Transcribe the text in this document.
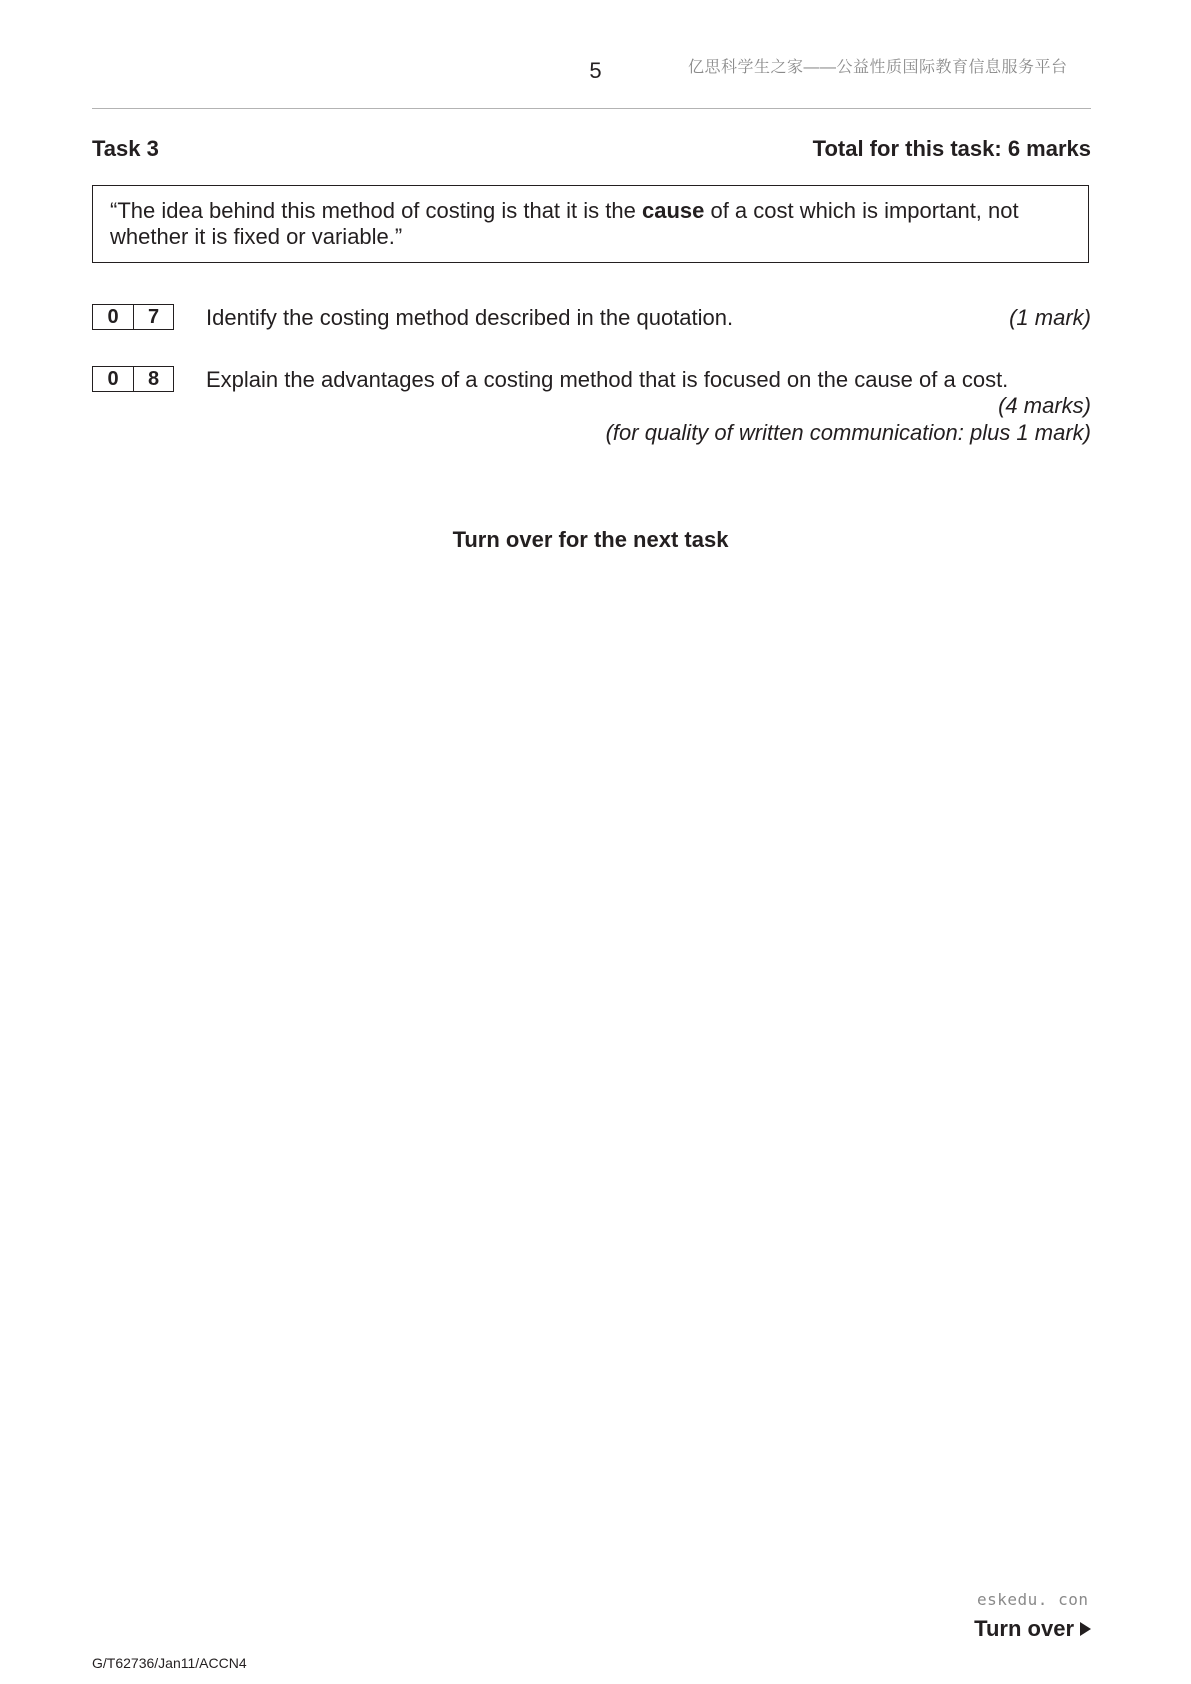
5	亿思科学生之家——公益性质国际教育信息服务平台
Task 3	Total for this task: 6 marks
“The idea behind this method of costing is that it is the cause of a cost which is important, not whether it is fixed or variable.”
0	7	Identify the costing method described in the quotation.	(1 mark)
0	8	Explain the advantages of a costing method that is focused on the cause of a cost.
(4 marks)
(for quality of written communication: plus 1 mark)
Turn over for the next task
eskedu. con
Turn over
G/T62736/Jan11/ACCN4
